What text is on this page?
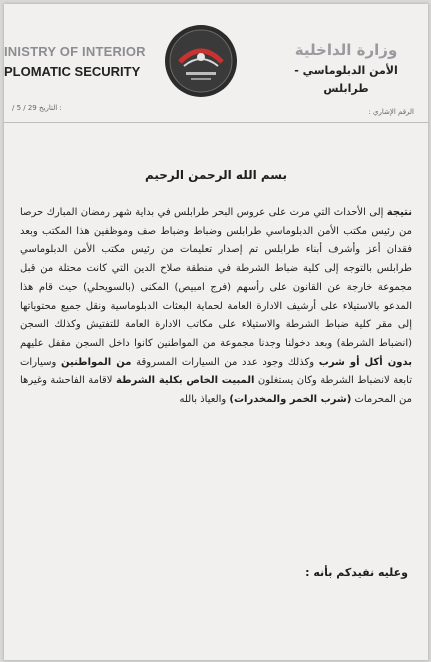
INISTRY OF INTERIOR
PLOMATIC SECURITY
وزارة الداخلية
الأمن الدبلوماسي - طرابلس
/ 5 / 29 التاريخ :	الرقم الإشاري :
بسم الله الرحمن الرحيم
نتيجة إلى الأحداث التي مرت على عروس البحر طرابلس في بداية شهر رمضان المبارك حرصا من رئيس مكتب الأمن الدبلوماسي طرابلس وضباط وضباط صف وموظفين هذا المكتب وبعد فقدان أعز وأشرف أبناء طرابلس تم إصدار تعليمات من رئيس مكتب الأمن الدبلوماسي طرابلس بالتوجه إلى كلية ضباط الشرطة في منطقة صلاح الدين التي كانت محتلة من قبل مجموعة خارجة عن القانون على رأسهم (فرج امبيص) المكنى (بالسويحلي) حيث قام هذا المدعو بالاستيلاء على أرشيف الادارة العامة لحماية البعثات الدبلوماسية ونقل جميع محتوياتها إلى مقر كلية ضباط الشرطة والاستيلاء على مكاتب الادارة العامة للتفتيش وكذلك السجن (انضباط الشرطة) وبعد دخولنا وجدنا مجموعة من المواطنين كانوا داخل السجن مقفل عليهم بدون أكل أو شرب وكذلك وجود عدد من السيارات المسروقة من المواطنين وسيارات تابعة لانضباط الشرطة وكان يستغلون المبيت الخاص بكلية الشرطة لاقامة الفاحشة وغيرها من المحرمات (شرب الخمر والمخدرات) والعياذ بالله
وعليه نفيدكم بأنه :
